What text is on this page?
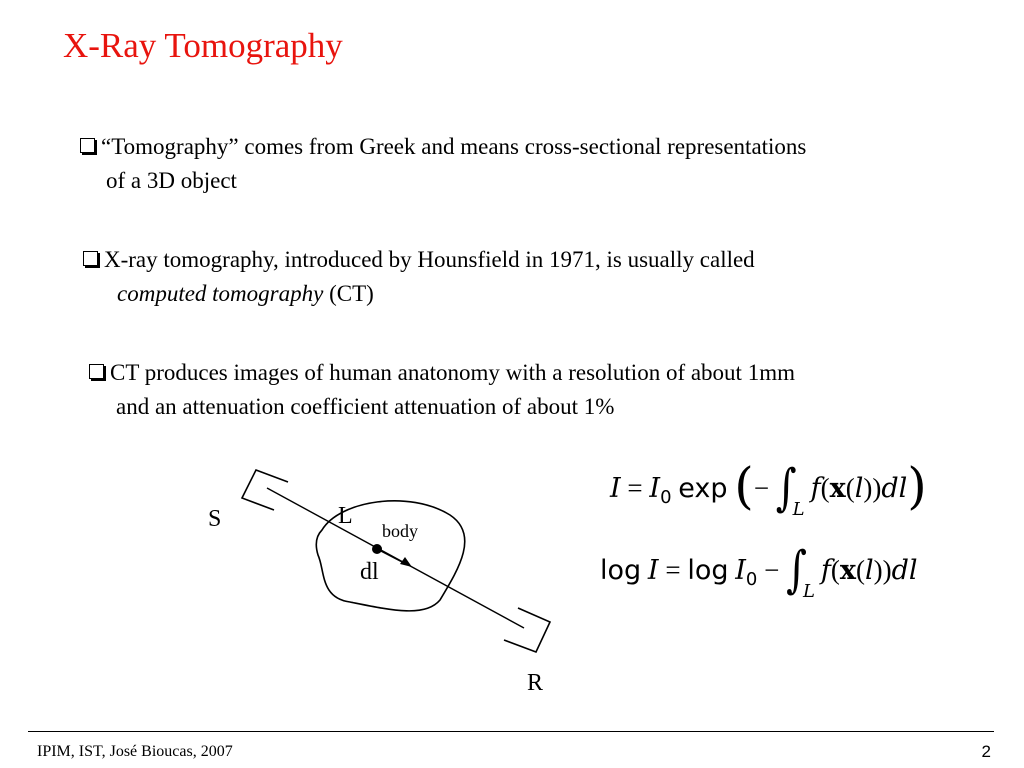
X-Ray Tomography
“Tomography” comes from Greek and means cross-sectional representations
of a 3D object
X-ray tomography, introduced by Hounsfield in 1971, is usually called
computed tomography (CT)
CT produces images of human anatonomy with a resolution of about 1mm
and an attenuation coefficient attenuation of about 1%
S	L
body
dl
R
$I = I_0$ exp (− $\int_Lf(x(l))dl$)
$\log I = \log I_0 - \int_Lf(x(l))dl$
IPIM, IST, José Bioucas, 2007	2
